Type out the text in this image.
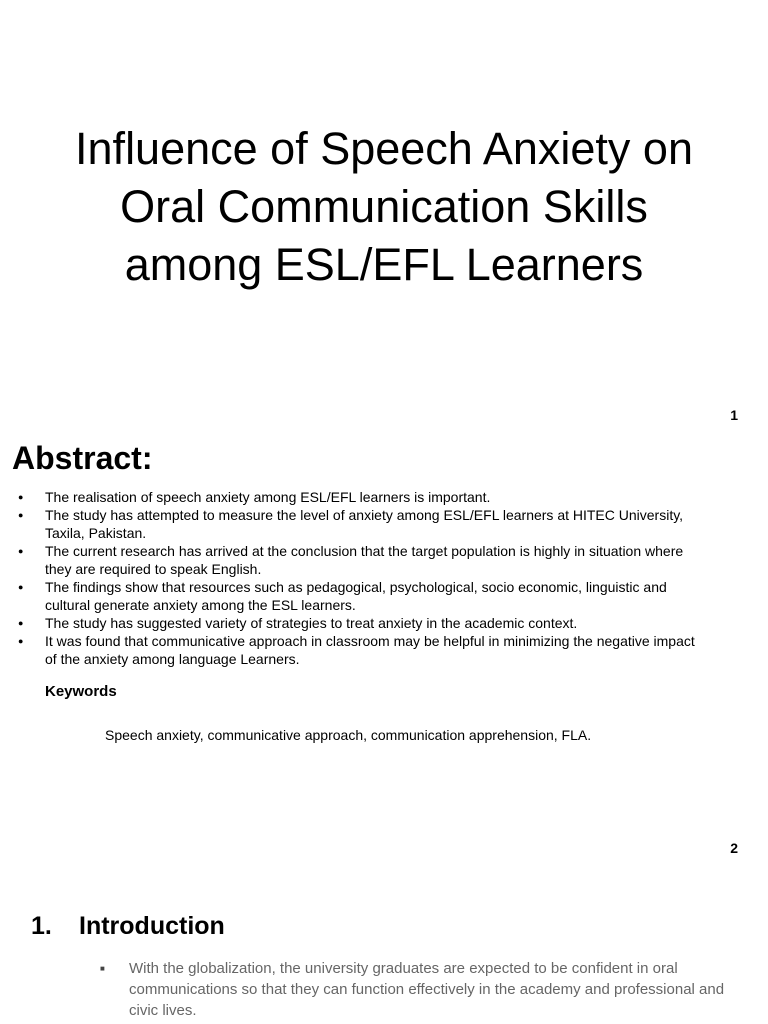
Influence of Speech Anxiety on
Oral Communication Skills
among ESL/EFL Learners
1
Abstract:
● The realisation of speech anxiety among ESL/EFL learners is important.
● The study has attempted to measure the level of anxiety among ESL/EFL learners at HITEC University, Taxila, Pakistan.
● The current research has arrived at the conclusion that the target population is highly in situation where they are required to speak English.
● The findings show that resources such as pedagogical, psychological, socio economic, linguistic and cultural generate anxiety among the ESL learners.
● The study has suggested variety of strategies to treat anxiety in the academic context.
● It was found that communicative approach in classroom may be helpful in minimizing the negative impact of the anxiety among language Learners.

Keywords

Speech anxiety, communicative approach, communication apprehension, FLA.

2
1. Introduction
■ With the globalization, the university graduates are expected to be confident in oral communications so that they can function effectively in the academy and professional and civic lives.
